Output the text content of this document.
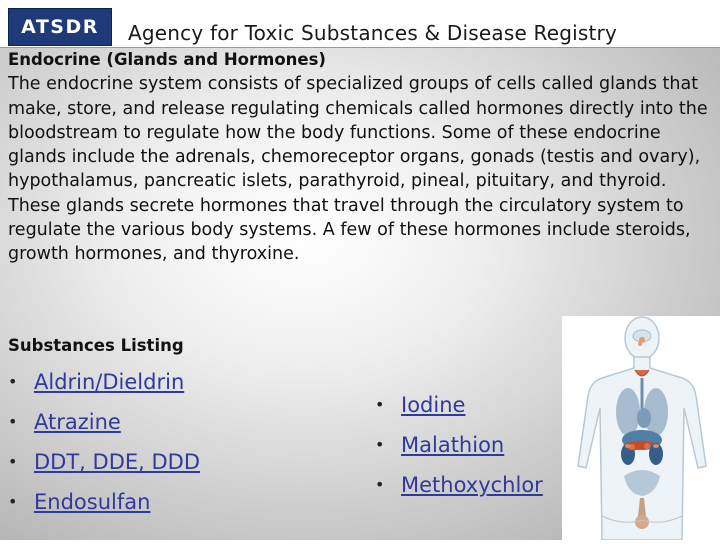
ATSDR Agency for Toxic Substances & Disease Registry

Endocrine (Glands and Hormones)

The endocrine system consists of specialized groups of cells called glands that make, store, and release regulating chemicals called hormones directly into the bloodstream to regulate how the body functions. Some of these endocrine glands include the adrenals, chemoreceptor organs, gonads (testis and ovary), hypothalamus, pancreatic islets, parathyroid, pineal, pituitary, and thyroid.

These glands secrete hormones that travel through the circulatory system to regulate the various body systems. A few of these hormones include steroids, growth hormones, and thyroxine.

Substances Listing
• Aldrin/Dieldrin
• Atrazine
• DDT, DDE, DDD
• Endosulfan
• Iodine
• Malathion
• Methoxychlor
